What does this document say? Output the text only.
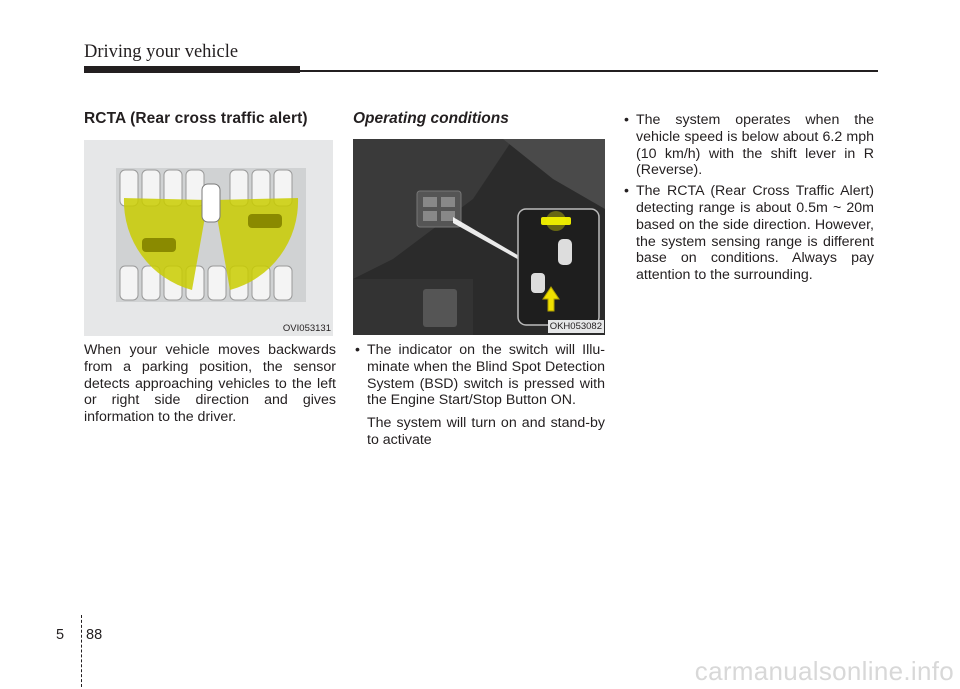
Driving your vehicle
RCTA (Rear cross traffic alert)
OVI053131

When your vehicle moves backwards from a parking position, the sensor detects approaching vehicles to the left or right side direction and gives information to the driver.

Operating conditions
OKH053082

• The indicator on the switch will Illu-minate when the Blind Spot Detection System (BSD) switch is pressed with the Engine Start/Stop Button ON.

The system will turn on and stand-by to activate

• The system operates when the vehicle speed is below about 6.2 mph (10 km/h) with the shift lever in R (Reverse).

• The RCTA (Rear Cross Traffic Alert) detecting range is about 0.5m ~ 20m based on the side direction. However, the system sensing range is different base on conditions. Always pay attention to the surrounding.

5 88
carmanualsonline.info
